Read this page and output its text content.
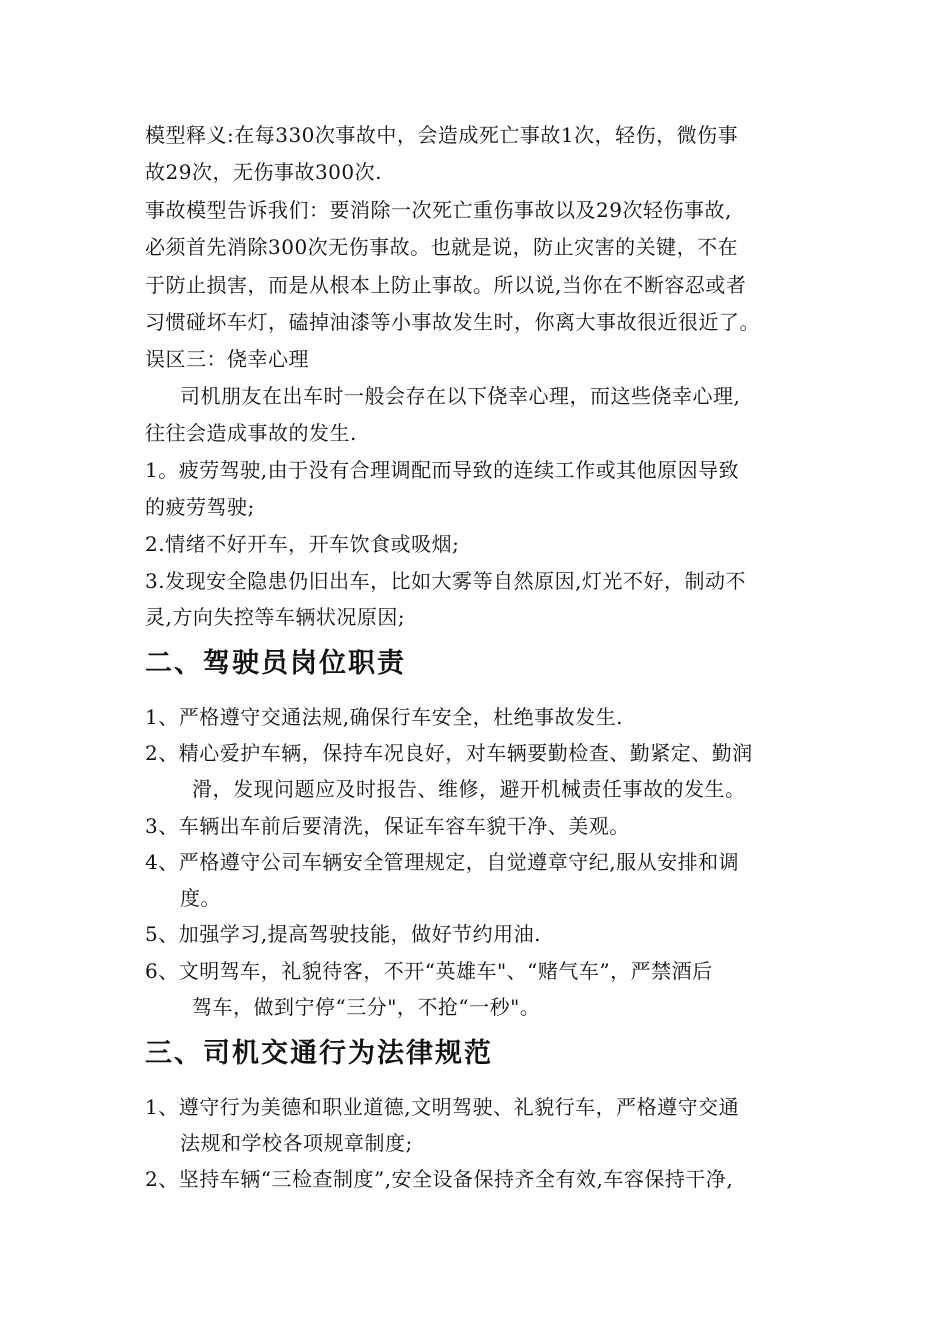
模型释义:在每330次事故中，会造成死亡事故1次，轻伤，微伤事
故29次，无伤事故300次.
事故模型告诉我们：要消除一次死亡重伤事故以及29次轻伤事故,
必须首先消除300次无伤事故。也就是说，防止灾害的关键，不在
于防止损害，而是从根本上防止事故。所以说,当你在不断容忍或者
习惯碰坏车灯，磕掉油漆等小事故发生时，你离大事故很近很近了。
误区三：侥幸心理
司机朋友在出车时一般会存在以下侥幸心理，而这些侥幸心理,
往往会造成事故的发生.
1。疲劳驾驶,由于没有合理调配而导致的连续工作或其他原因导致
的疲劳驾驶;
2.情绪不好开车，开车饮食或吸烟;
3.发现安全隐患仍旧出车，比如大雾等自然原因,灯光不好，制动不
灵,方向失控等车辆状况原因;
二、驾驶员岗位职责
1、严格遵守交通法规,确保行车安全，杜绝事故发生.
2、精心爱护车辆，保持车况良好，对车辆要勤检查、勤紧定、勤润
滑，发现问题应及时报告、维修，避开机械责任事故的发生。
3、车辆出车前后要清洗，保证车容车貌干净、美观。
4、严格遵守公司车辆安全管理规定，自觉遵章守纪,服从安排和调
度。
5、加强学习,提高驾驶技能，做好节约用油.
6、文明驾车，礼貌待客，不开“英雄车"、“赌气车”，严禁酒后
驾车，做到宁停“三分"，不抢“一秒"。
三、司机交通行为法律规范
1、遵守行为美德和职业道德,文明驾驶、礼貌行车，严格遵守交通
法规和学校各项规章制度;
2、坚持车辆“三检查制度”,安全设备保持齐全有效,车容保持干净,
